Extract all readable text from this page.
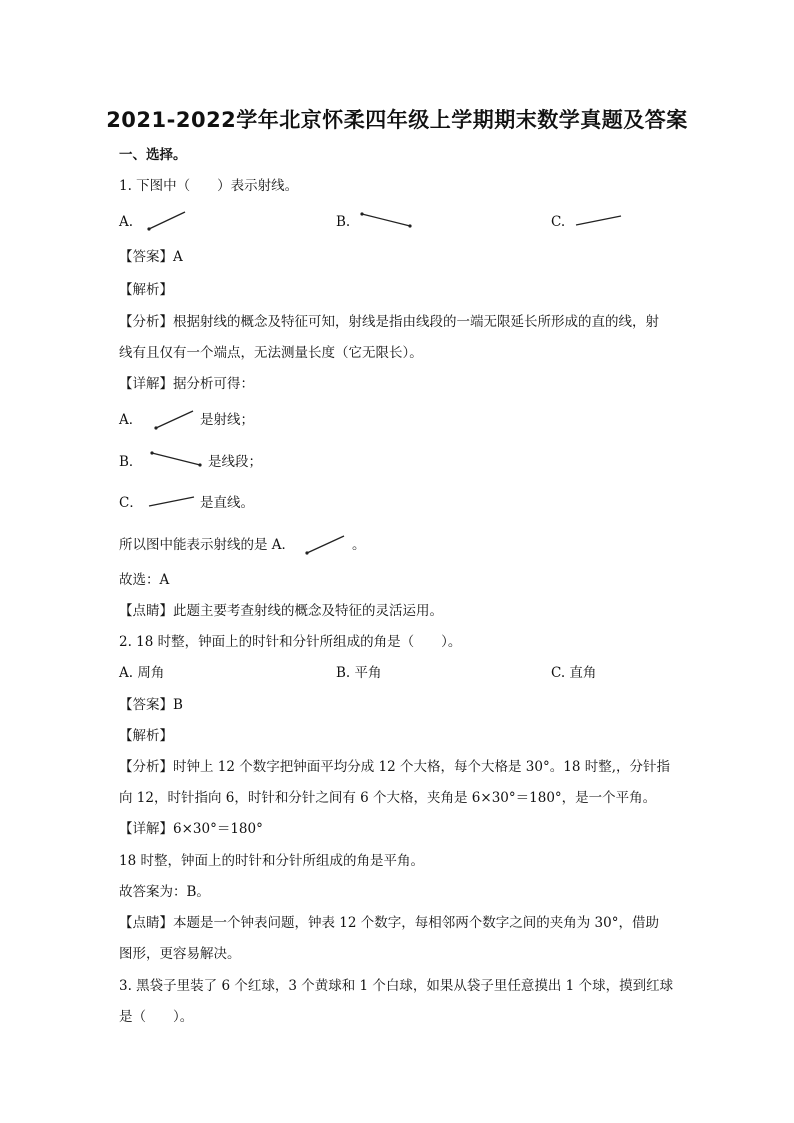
2021-2022学年北京怀柔四年级上学期期末数学真题及答案
一、选择。
1. 下图中（　　）表示射线。
A.	B.	C.
【答案】A
【解析】
【分析】根据射线的概念及特征可知，射线是指由线段的一端无限延长所形成的直的线，射
线有且仅有一个端点，无法测量长度（它无限长）。
【详解】据分析可得：
A．	是射线；
B．	是线段；
C．	是直线。
所以图中能表示射线的是 A．	。
故选：A
【点睛】此题主要考查射线的概念及特征的灵活运用。
2. 18 时整，钟面上的时针和分针所组成的角是（　　）。
A. 周角	B. 平角	C. 直角
【答案】B
【解析】
【分析】时钟上 12 个数字把钟面平均分成 12 个大格，每个大格是 30°。18 时整,，分针指
向 12，时针指向 6，时针和分针之间有 6 个大格，夹角是 6×30°＝180°，是一个平角。
【详解】6×30°＝180°
18 时整，钟面上的时针和分针所组成的角是平角。
故答案为：B。
【点睛】本题是一个钟表问题，钟表 12 个数字，每相邻两个数字之间的夹角为 30°，借助
图形，更容易解决。
3. 黑袋子里装了 6 个红球，3 个黄球和 1 个白球，如果从袋子里任意摸出 1 个球，摸到红球
是（　　）。
